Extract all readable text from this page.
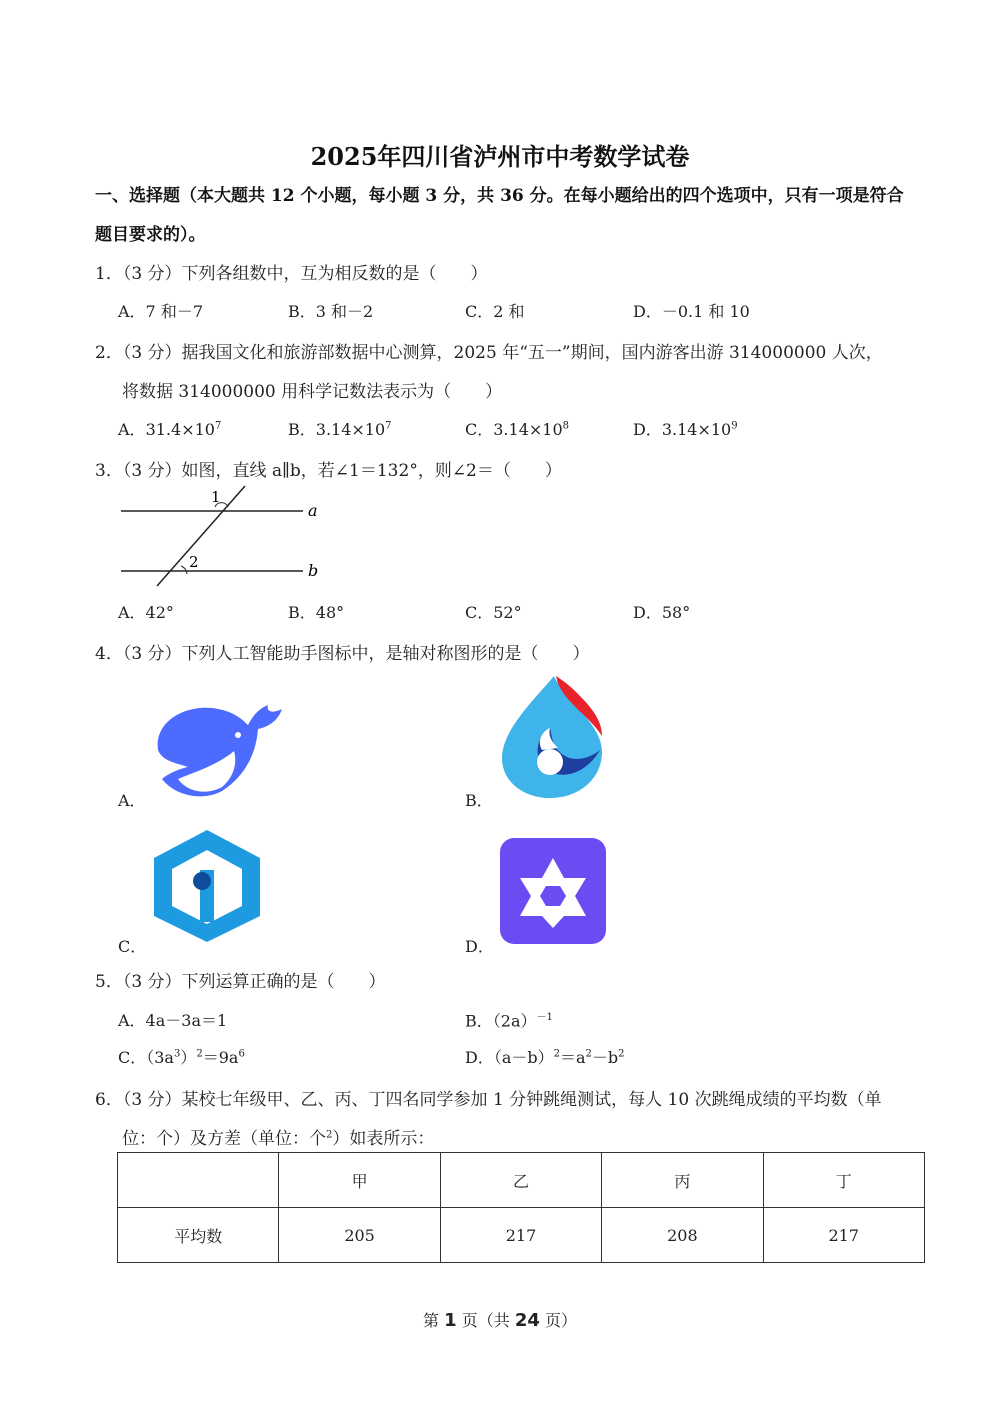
2025年四川省泸州市中考数学试卷
一、选择题（本大题共 12 个小题，每小题 3 分，共 36 分。在每小题给出的四个选项中，只有一项是符合
题目要求的）。
1．（3 分）下列各组数中，互为相反数的是（　　）
A．7 和－7	B．3 和－2	C．2 和	D．－0.1 和 10
2．（3 分）据我国文化和旅游部数据中心测算，2025 年“五一”期间，国内游客出游 314000000 人次，
将数据 314000000 用科学记数法表示为（　　）
A．$31.4\times 10^7$	B．$3.14\times 10^7$	C．$3.14\times 10^8$	D．$3.14\times 10^9$
3．（3 分）如图，直线 a∥b，若∠1＝132°，则∠2＝（　　）
1
2
a
b
A．42°	B．48°	C．52°	D．58°
4．（3 分）下列人工智能助手图标中，是轴对称图形的是（　　）
A．	B．
C．	D．
5．（3 分）下列运算正确的是（　　）
A．4a－3a＝1	B．$(2a)^{-1}$
C．$(3a^3)^2=9a^6$	D．$(a-b)^2=a^2-b^2$
6．（3 分）某校七年级甲、乙、丙、丁四名同学参加 1 分钟跳绳测试，每人 10 次跳绳成绩的平均数（单
位：个）及方差（单位：个$^2$）如表所示：
	甲	乙	丙	丁
平均数	205	217	208	217
第 1 页（共 24 页）
